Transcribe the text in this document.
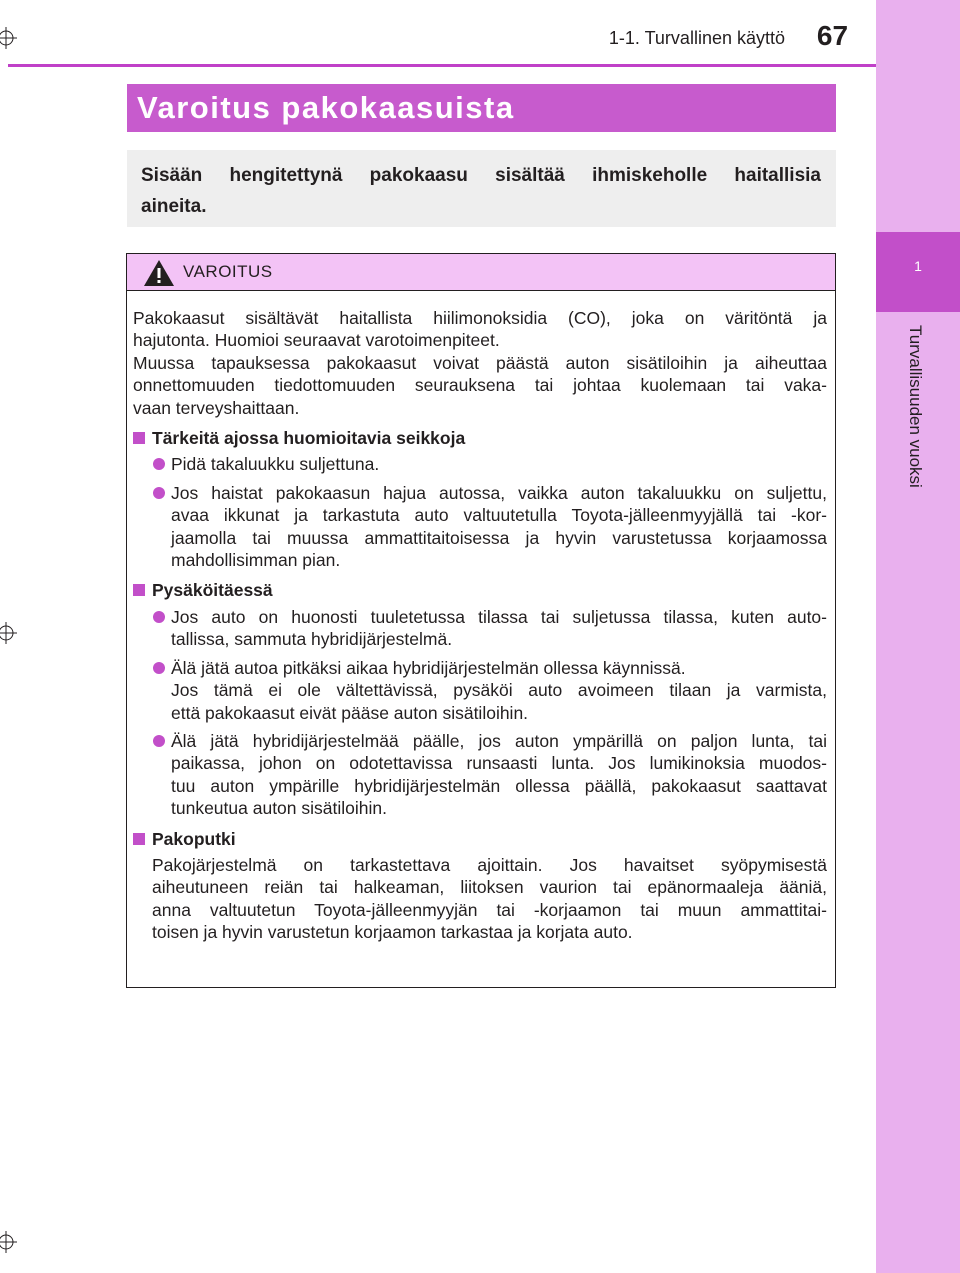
1
Turvallisuuden vuoksi
1-1. Turvallinen käyttö	67
Varoitus pakokaasuista
Sisään hengitettynä pakokaasu sisältää ihmiskeholle haitallisia
aineita.
VAROITUS

Pakokaasut sisältävät haitallista hiilimonoksidia (CO), joka on väritöntä ja
hajutonta. Huomioi seuraavat varotoimenpiteet.
Muussa tapauksessa pakokaasut voivat päästä auton sisätiloihin ja aiheuttaa
onnettomuuden tiedottomuuden seurauksena tai johtaa kuolemaan tai vaka-
vaan terveyshaittaan.

Tärkeitä ajossa huomioitavia seikkoja

Pidä takaluukku suljettuna.

Jos haistat pakokaasun hajua autossa, vaikka auton takaluukku on suljettu,
avaa ikkunat ja tarkastuta auto valtuutetulla Toyota-jälleenmyyjällä tai -kor-
jaamolla tai muussa ammattitaitoisessa ja hyvin varustetussa korjaamossa
mahdollisimman pian.

Pysäköitäessä

Jos auto on huonosti tuuletetussa tilassa tai suljetussa tilassa, kuten auto-
tallissa, sammuta hybridijärjestelmä.

Älä jätä autoa pitkäksi aikaa hybridijärjestelmän ollessa käynnissä.
Jos tämä ei ole vältettävissä, pysäköi auto avoimeen tilaan ja varmista,
että pakokaasut eivät pääse auton sisätiloihin.

Älä jätä hybridijärjestelmää päälle, jos auton ympärillä on paljon lunta, tai
paikassa, johon on odotettavissa runsaasti lunta. Jos lumikinoksia muodos-
tuu auton ympärille hybridijärjestelmän ollessa päällä, pakokaasut saattavat
tunkeutua auton sisätiloihin.

Pakoputki

Pakojärjestelmä on tarkastettava ajoittain. Jos havaitset syöpymisestä
aiheutuneen reiän tai halkeaman, liitoksen vaurion tai epänormaaleja ääniä,
anna valtuutetun Toyota-jälleenmyyjän tai -korjaamon tai muun ammattitai-
toisen ja hyvin varustetun korjaamon tarkastaa ja korjata auto.
